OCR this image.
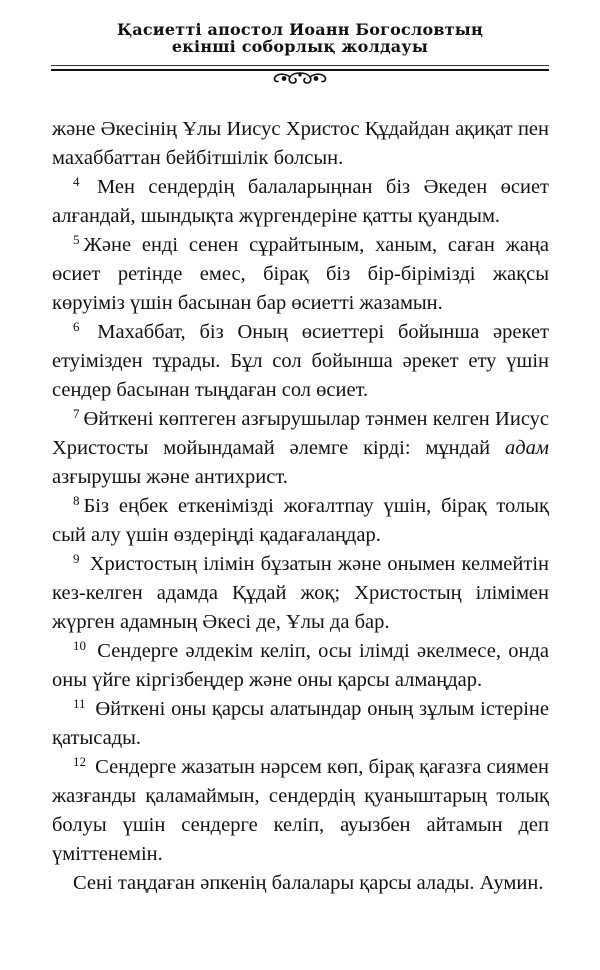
Қасиетті апостол Иоанн Богословтың
екінші соборлық жолдауы

және Әкесінің Ұлы Иисус Христос Құдайдан ақиқат пен махаббаттан бейбітшілік болсын.

$^4$ Мен сендердің балаларыңнан біз Әкеден өсиет алғандай, шындықта жүргендеріне қатты қуандым.

$^5$ Және енді сенен сұрайтыным, ханым, саған жаңа өсиет ретінде емес, бірақ біз бір-бірімізді жақсы көруіміз үшін басынан бар өсиетті жазамын.

$^6$ Махаббат, біз Оның өсиеттері бойынша әрекет етуімізден тұрады. Бұл сол бойынша әрекет ету үшін сендер басынан тыңдаған сол өсиет.

$^7$ Өйткені көптеген азғырушылар тәнмен келген Иисус Христосты мойындамай әлемге кірді: мұндай адам азғырушы және антихрист.

$^8$ Біз еңбек еткенімізді жоғалтпау үшін, бірақ толық сый алу үшін өздеріңді қадағалаңдар.

$^9$ Христостың ілімін бұзатын және онымен келмейтін кез-келген адамда Құдай жоқ; Христостың ілімімен жүрген адамның Әкесі де, Ұлы да бар.

$^{10}$ Сендерге әлдекім келіп, осы ілімді әкелмесе, онда оны үйге кіргізбеңдер және оны қарсы алмаңдар.

$^{11}$ Өйткені оны қарсы алатындар оның зұлым істеріне қатысады.

$^{12}$ Сендерге жазатын нәрсем көп, бірақ қағазға сиямен жазғанды қаламаймын, сендердің қуаныштарың толық болуы үшін сендерге келіп, ауызбен айтамын деп үміттенемін.

Сені таңдаған әпкенің балалары қарсы алады. Аумин.
